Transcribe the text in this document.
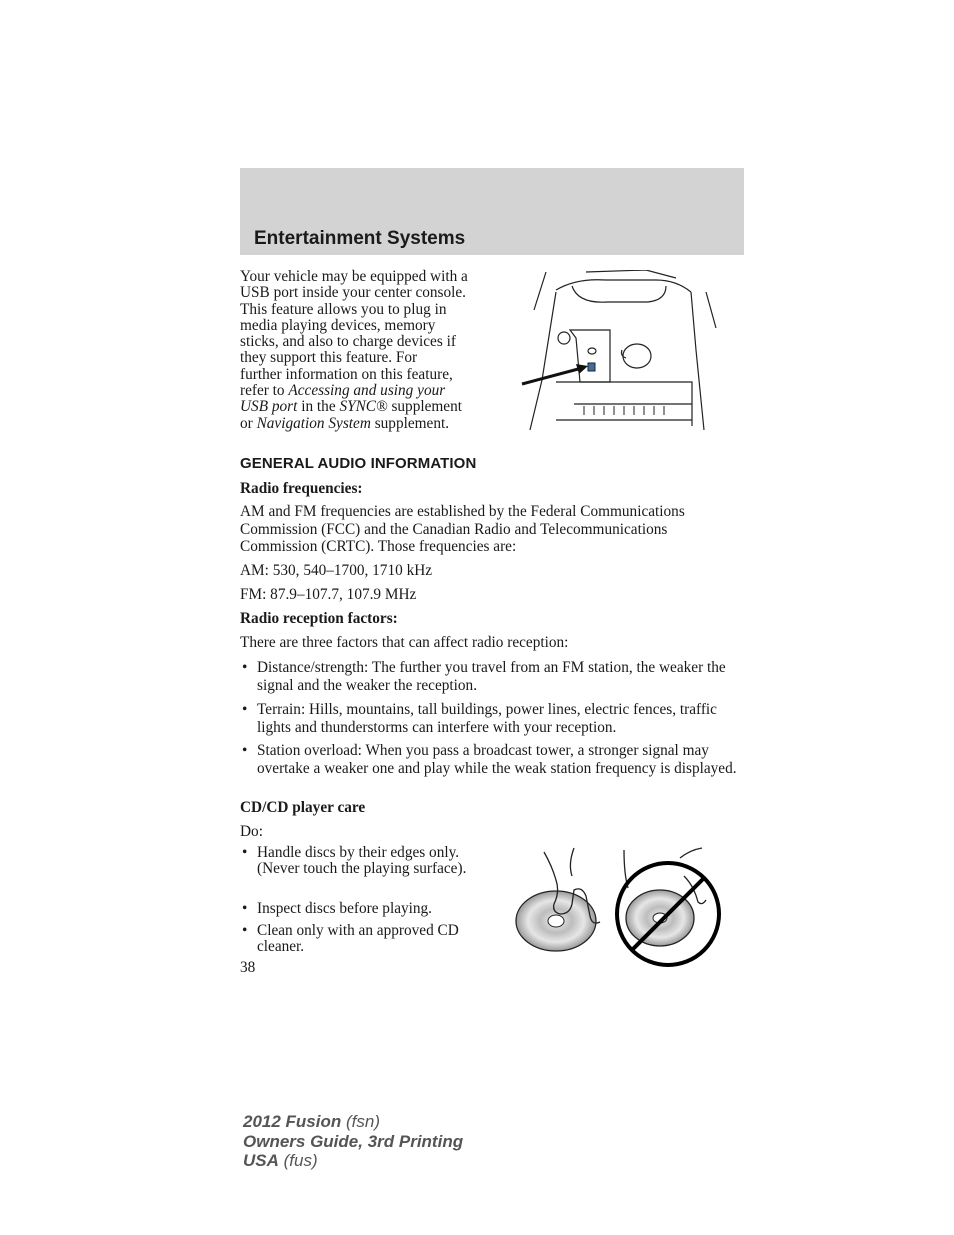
Entertainment Systems
Your vehicle may be equipped with a
USB port inside your center console.
This feature allows you to plug in
media playing devices, memory
sticks, and also to charge devices if
they support this feature. For
further information on this feature,
refer to Accessing and using your
USB port in the SYNC® supplement
or Navigation System supplement.
GENERAL AUDIO INFORMATION
Radio frequencies:
AM and FM frequencies are established by the Federal Communications Commission (FCC) and the Canadian Radio and Telecommunications Commission (CRTC). Those frequencies are:
AM: 530, 540–1700, 1710 kHz
FM: 87.9–107.7, 107.9 MHz
Radio reception factors:
There are three factors that can affect radio reception:
• Distance/strength: The further you travel from an FM station, the weaker the signal and the weaker the reception.
• Terrain: Hills, mountains, tall buildings, power lines, electric fences, traffic lights and thunderstorms can interfere with your reception.
• Station overload: When you pass a broadcast tower, a stronger signal may overtake a weaker one and play while the weak station frequency is displayed.
CD/CD player care
Do:
• Handle discs by their edges only. (Never touch the playing surface).
• Inspect discs before playing.
• Clean only with an approved CD cleaner.
38
2012 Fusion (fsn)
Owners Guide, 3rd Printing
USA (fus)
